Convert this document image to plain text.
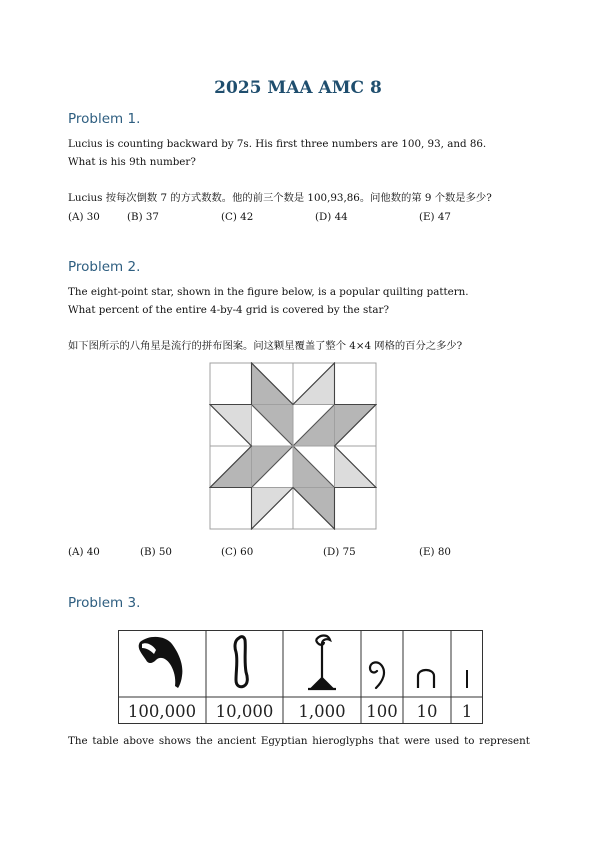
2025 MAA AMC 8
Problem 1.
Lucius is counting backward by 7s. His first three numbers are 100, 93, and 86.
What is his 9th number?
Lucius 按每次倒数 7 的方式数数。他的前三个数是 100,93,86。问他数的第 9 个数是多少?
(A) 30	(B) 37	(C) 42	(D) 44	(E) 47
Problem 2.
The eight-point star, shown in the figure below, is a popular quilting pattern.
What percent of the entire 4-by-4 grid is covered by the star?
如下图所示的八角星是流行的拼布图案。问这颗星覆盖了整个 4×4 网格的百分之多少?
(A) 40	(B) 50	(C) 60	(D) 75	(E) 80
Problem 3.
100,000 10,000 1,000 100 10 1
The table above shows the ancient Egyptian hieroglyphs that were used to represent
